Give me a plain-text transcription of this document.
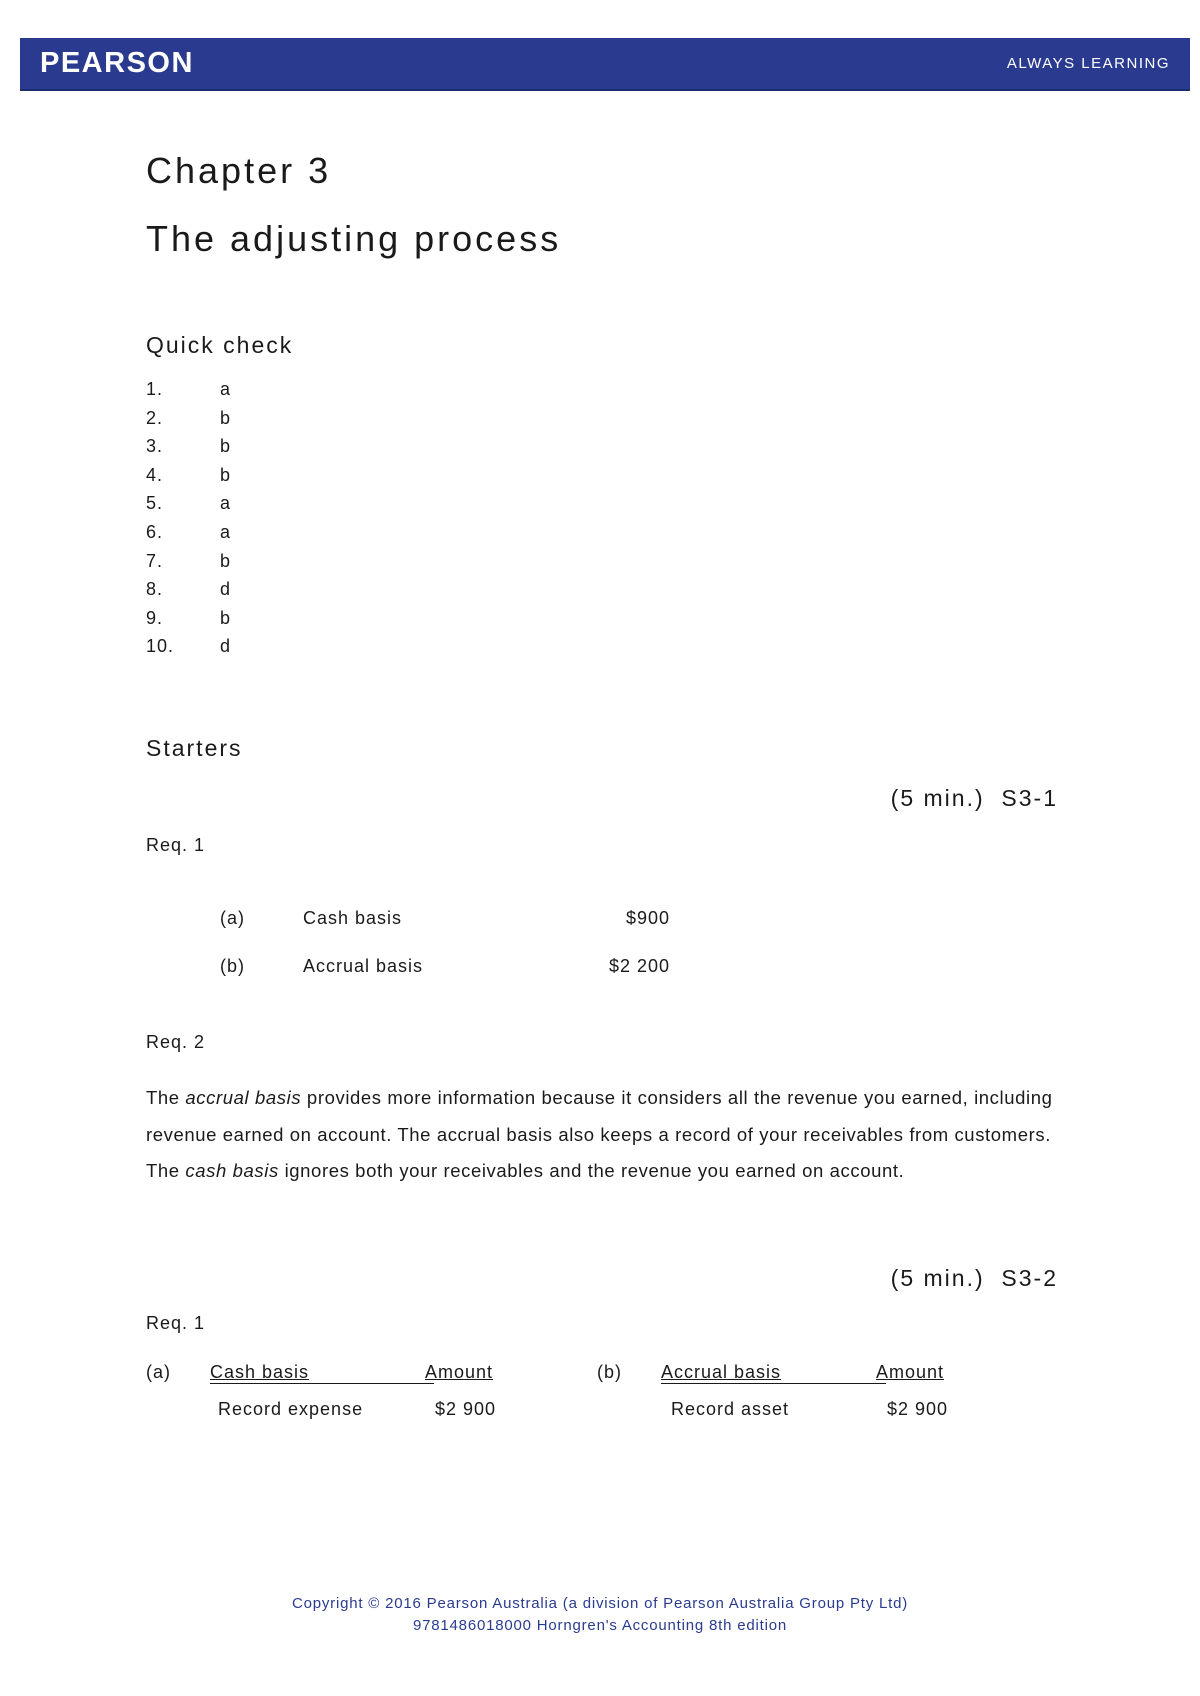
PEARSON	ALWAYS LEARNING
Chapter 3
The adjusting process
Quick check
1.	a
2.	b
3.	b
4.	b
5.	a
6.	a
7.	b
8.	d
9.	b
10.	d
Starters
(5 min.)  S3-1
Req. 1
(a)	Cash basis	$900
(b)	Accrual basis	$2 200
Req. 2

The accrual basis provides more information because it considers all the revenue you earned, including revenue earned on account. The accrual basis also keeps a record of your receivables from customers. The cash basis ignores both your receivables and the revenue you earned on account.

(5 min.)  S3-2
Req. 1
(a) Cash basis	Amount
Record expense	$2 900
(b) Accrual basis	Amount
Record asset	$2 900
Copyright © 2016 Pearson Australia (a division of Pearson Australia Group Pty Ltd)
9781486018000 Horngren's Accounting 8th edition
